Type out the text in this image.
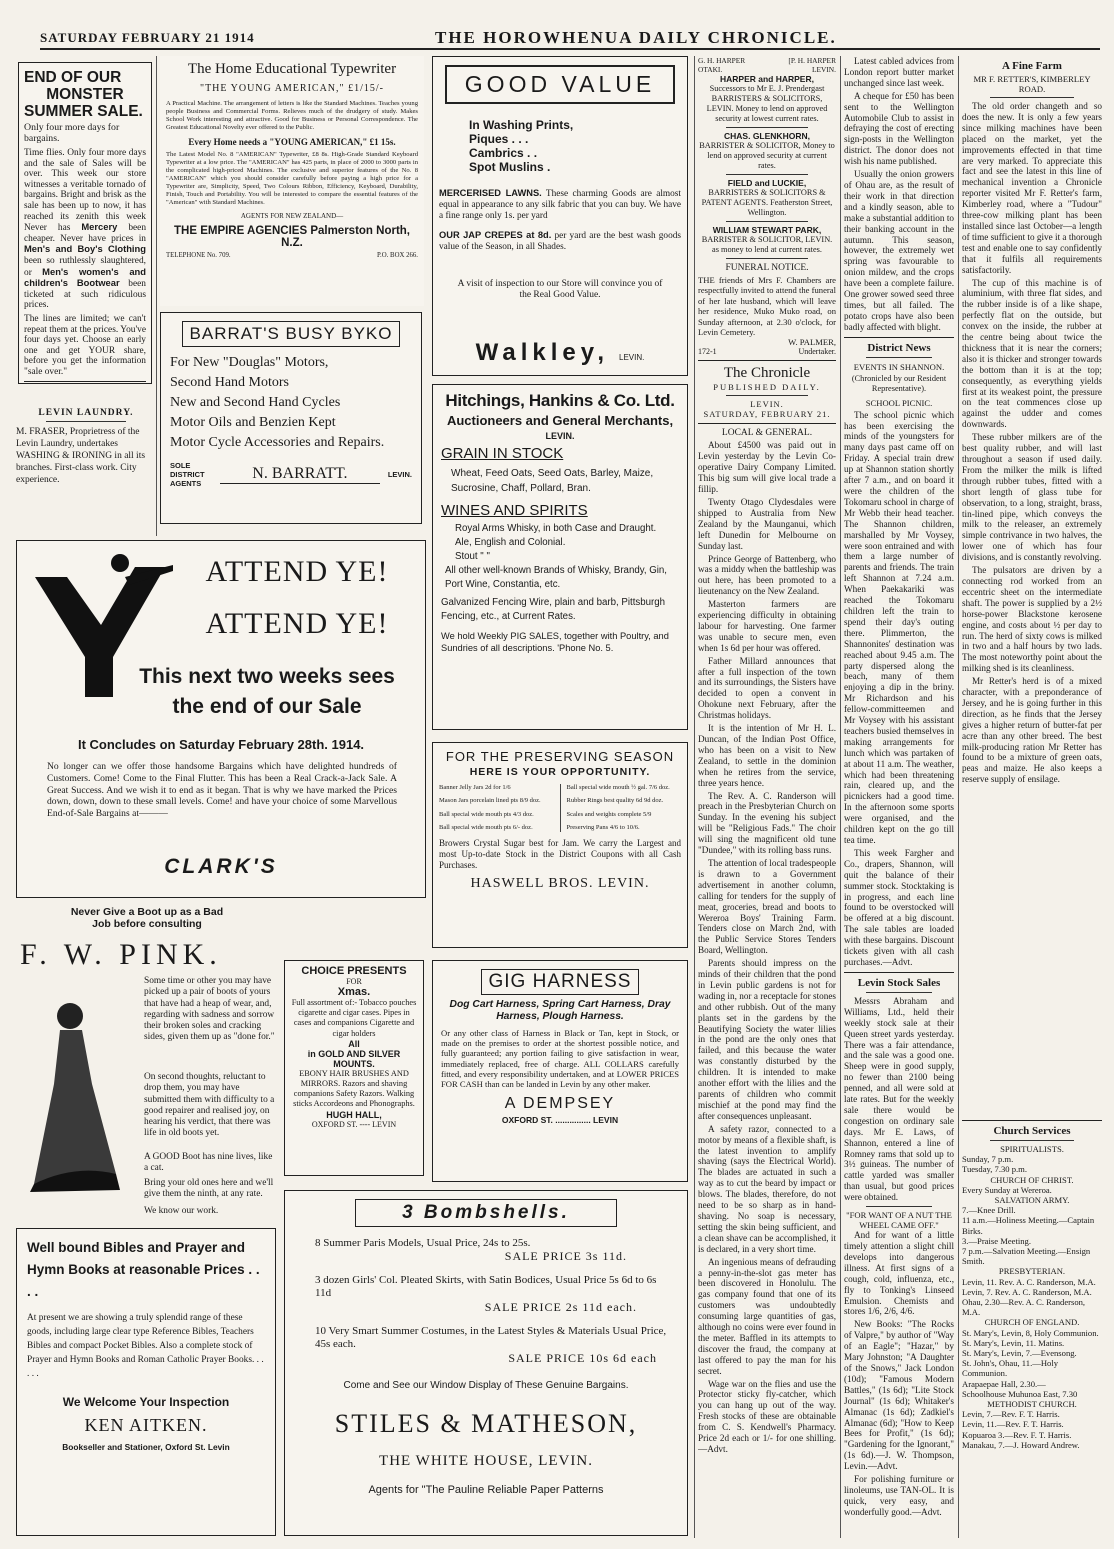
SATURDAY FEBRUARY 21 1914	THE HOROWHENUA DAILY CHRONICLE.
END OF OUR
MONSTER
SUMMER SALE.
Only four more days for bargains.
Time flies. Only four more days and the sale of Sales will be over. This week our store witnesses a veritable tornado of bargains. Bright and brisk as the sale has been up to now, it has reached its zenith this week Never has Mercery been cheaper. Never have prices in Men's and Boy's Clothing been so ruthlessly slaughtered, or Men's women's and children's Bootwear been ticketed at such ridiculous prices.
The lines are limited; we can't repeat them at the prices. You've four days yet. Choose an early one and get YOUR share, before you get the information "sale over."
LEVIN LAUNDRY.
M. FRASER, Proprietress of the Levin Laundry, undertakes WASHING & IRONING in all its branches. First-class work. City experience.
The Home Educational Typewriter
"THE YOUNG AMERICAN," £1/15/-
A Practical Machine. The arrangement of letters is like the Standard Machines. Teaches young people Business and Commercial Forms. Relieves much of the drudgery of study. Makes School Work interesting and attractive. Good for Business or Personal Correspondence. The Greatest Educational Novelty ever offered to the Public.
Every Home needs a "YOUNG AMERICAN," £1 15s.
The Latest Model No. 8 "AMERICAN" Typewriter, £8 8s. High-Grade Standard Keyboard Typewriter at a low price. The "AMERICAN" has 425 parts, in place of 2000 to 3000 parts in the complicated high-priced Machines. The exclusive and superior features of the No. 8 "AMERICAN" which you should consider carefully before paying a high price for a Typewriter are, Simplicity, Speed, Two Colours Ribbon, Efficiency, Keyboard, Durability, Finish, Touch and Portability. You will be interested to compare the essential features of the "American" with Standard Machines.
AGENTS FOR NEW ZEALAND—
THE EMPIRE AGENCIES Palmerston North, N.Z.
TELEPHONE No. 709.	P.O. BOX 266.
BARRAT'S BUSY BYKO
For New "Douglas" Motors,
Second Hand Motors
New and Second Hand Cycles
Motor Oils and Benzien Kept
Motor Cycle Accessories and Repairs.
SOLE DISTRICT AGENTS
N. BARRATT.	LEVIN.
ATTEND YE!
ATTEND YE!
This next two weeks sees
the end of our Sale
It Concludes on Saturday February 28th. 1914.
No longer can we offer those handsome Bargains which have delighted hundreds of Customers. Come! Come to the Final Flutter. This has been a Real Crack-a-Jack Sale. A Great Success. And we wish it to end as it began. That is why we have marked the Prices down, down, down to these small levels. Come! and have your choice of some Marvellous End-of-Sale Bargains at———
CLARK'S
Never Give a Boot up as a Bad
Job before consulting
F. W. PINK.
Some time or other you may have picked up a pair of boots of yours that have had a heap of wear, and, regarding with sadness and sorrow their broken soles and cracking sides, given them up as "done for."
On second thoughts, reluctant to drop them, you may have submitted them with difficulty to a good repairer and realised joy, on hearing his verdict, that there was life in old boots yet.
A GOOD Boot has nine lives, like a cat.
Bring your old ones here and we'll give them the ninth, at any rate.
We know our work.
Well bound Bibles and Prayer and Hymn Books at reasonable Prices . . . .
At present we are showing a truly splendid range of these goods, including large clear type Reference Bibles, Teachers Bibles and compact Pocket Bibles. Also a complete stock of Prayer and Hymn Books and Roman Catholic Prayer Books. . . . . .
We Welcome Your Inspection
KEN AITKEN.
Bookseller and Stationer, Oxford St. Levin
CHOICE PRESENTS
FOR
Xmas.
Full assortment of:- Tobacco pouches cigarette and cigar cases. Pipes in cases and companions Cigarette and cigar holders
All
in GOLD AND SILVER MOUNTS.
EBONY HAIR BRUSHES AND MIRRORS. Razors and shaving companions Safety Razors. Walking sticks Accordeons and Phonographs.
HUGH HALL,
OXFORD ST. ---- LEVIN
GOOD VALUE
In Washing Prints,
Piques . . .
Cambrics . .
Spot Muslins .
MERCERISED LAWNS. These charming Goods are almost equal in appearance to any silk fabric that you can buy. We have a fine range only 1s. per yard
OUR JAP CREPES at 8d. per yard are the best wash goods value of the Season, in all Shades.
A visit of inspection to our Store will convince you of the Real Good Value.
Walkley, LEVIN.
Hitchings, Hankins & Co. Ltd.
Auctioneers and General Merchants,
LEVIN.
GRAIN IN STOCK
Wheat, Feed Oats, Seed Oats, Barley, Maize, Sucrosine, Chaff, Pollard, Bran.
WINES AND SPIRITS
Royal Arms Whisky, in both Case and Draught.
Ale, English and Colonial.
Stout " "
All other well-known Brands of Whisky, Brandy, Gin, Port Wine, Constantia, etc.
Galvanized Fencing Wire, plain and barb, Pittsburgh Fencing, etc., at Current Rates.
We hold Weekly PIG SALES, together with Poultry, and Sundries of all descriptions. 'Phone No. 5.
FOR THE PRESERVING SEASON
HERE IS YOUR OPPORTUNITY.
Banner Jelly Jars 2d for 1/6
Mason Jars porcelain lined pts 8/9 doz.
Ball special wide mouth pts 4/3 doz.
Ball special wide mouth pts 6/- doz.
Ball special wide mouth ½ gal. 7/6 doz.
Rubber Rings best quality 6d 9d doz.
Scales and weights complete 5/9
Preserving Pans 4/6 to 10/6.
Browers Crystal Sugar best for Jam. We carry the Largest and most Up-to-date Stock in the District Coupons with all Cash Purchases.
HASWELL BROS. LEVIN.
GIG HARNESS
Dog Cart Harness, Spring Cart Harness, Dray Harness, Plough Harness.
Or any other class of Harness in Black or Tan, kept in Stock, or made on the premises to order at the shortest possible notice, and fully guaranteed; any portion failing to give satisfaction in wear, immediately replaced, free of charge. ALL COLLARS carefully fitted, and every responsibility undertaken, and at LOWER PRICES FOR CASH than can be landed in Levin by any other maker.
A DEMPSEY
OXFORD ST. ............... LEVIN
3 Bombshells.
8 Summer Paris Models, Usual Price, 24s to 25s.
SALE PRICE 3s 11d.
3 dozen Girls' Col. Pleated Skirts, with Satin Bodices, Usual Price 5s 6d to 6s 11d
SALE PRICE 2s 11d each.
10 Very Smart Summer Costumes, in the Latest Styles & Materials Usual Price, 45s each.
SALE PRICE 10s 6d each
Come and See our Window Display of These Genuine Bargains.
STILES & MATHESON,
THE WHITE HOUSE, LEVIN.
Agents for "The Pauline Reliable Paper Patterns
G. H. HARPER	[P. H. HARPER
OTAKI.	LEVIN.
HARPER and HARPER,
Successors to Mr E. J. Prendergast BARRISTERS & SOLICITORS, LEVIN. Money to lend on approved security at lowest current rates.
CHAS. GLENKHORN,
BARRISTER & SOLICITOR, Money to lend on approved security at current rates.
FIELD and LUCKIE,
BARRISTERS & SOLICITORS & PATENT AGENTS. Featherston Street, Wellington.
WILLIAM STEWART PARK,
BARRISTER & SOLICITOR, LEVIN. as money to lend at current rates.
FUNERAL NOTICE.
THE friends of Mrs F. Chambers are respectfully invited to attend the funeral of her late husband, which will leave her residence, Muko Muko road, on Sunday afternoon, at 2.30 o'clock, for Levin Cemetery.
W. PALMER,
172-1	Undertaker.
The Chronicle
PUBLISHED DAILY.
LEVIN.
SATURDAY, FEBRUARY 21.
LOCAL & GENERAL.

About £4500 was paid out in Levin yesterday by the Levin Co-operative Dairy Company Limited. This big sum will give local trade a fillip.

Twenty Otago Clydesdales were shipped to Australia from New Zealand by the Maunganui, which left Dunedin for Melbourne on Sunday last.

Prince George of Battenberg, who was a middy when the battleship was out here, has been promoted to a lieutenancy on the New Zealand.

Masterton farmers are experiencing difficulty in obtaining labour for harvesting. One farmer was unable to secure men, even when 1s 6d per hour was offered.

Father Millard announces that after a full inspection of the town and its surroundings, the Sisters have decided to open a convent in Ohokune next February, after the Christmas holidays.

It is the intention of Mr H. L. Duncan, of the Indian Post Office, who has been on a visit to New Zealand, to settle in the dominion when he retires from the service, three years hence.

The Rev. A. C. Randerson will preach in the Presbyterian Church on Sunday. In the evening his subject will be "Religious Fads." The choir will sing the magnificent old tune "Dundee," with its rolling bass runs.

The attention of local tradespeople is drawn to a Government advertisement in another column, calling for tenders for the supply of meat, groceries, bread and boots to Wereroa Boys' Training Farm. Tenders close on March 2nd, with the Public Service Stores Tenders Board, Wellington.

Parents should impress on the minds of their children that the pond in Levin public gardens is not for wading in, nor a receptacle for stones and other rubbish. Out of the many plants set in the gardens by the Beautifying Society the water lilies in the pond are the only ones that failed, and this because the water was constantly disturbed by the children. It is intended to make another effort with the lilies and the parents of children who commit mischief at the pond may find the after consequences unpleasant.

A safety razor, connected to a motor by means of a flexible shaft, is the latest invention to amplify shaving (says the Electrical World). The blades are actuated in such a way as to cut the beard by impact or blows. The blades, therefore, do not need to be so sharp as in hand-shaving. No soap is necessary, setting the skin being sufficient, and a clean shave can be accomplished, it is declared, in a very short time.

An ingenious means of defrauding a penny-in-the-slot gas meter has been discovered in Honolulu. The gas company found that one of its customers was undoubtedly consuming large quantities of gas, although no coins were ever found in the meter. Baffled in its attempts to discover the fraud, the company at last offered to pay the man for his secret.

Wage war on the flies and use the Protector sticky fly-catcher, which you can hang up out of the way. Fresh stocks of these are obtainable from C. S. Kendwell's Pharmacy. Price 2d each or 1/- for one shilling.—Advt.

Latest cabled advices from London report butter market unchanged since last week.

A cheque for £50 has been sent to the Wellington Automobile Club to assist in defraying the cost of erecting sign-posts in the Wellington district. The donor does not wish his name published.

Usually the onion growers of Ohau are, as the result of their work in that direction and a kindly season, able to make a substantial addition to their banking account in the autumn. This season, however, the extremely wet spring was favourable to onion mildew, and the crops have been a complete failure. One grower sowed seed three times, but all failed. The potato crops have also been badly affected with blight.

District News
EVENTS IN SHANNON.
(Chronicled by our Resident Representative).
SCHOOL PICNIC.

The school picnic which has been exercising the minds of the youngsters for many days past came off on Friday. A special train drew up at Shannon station shortly after 7 a.m., and on board it were the children of the Tokomaru school in charge of Mr Webb their head teacher. The Shannon children, marshalled by Mr Voysey, were soon entrained and with them a large number of parents and friends. The train left Shannon at 7.24 a.m. When Paekakariki was reached the Tokomaru children left the train to spend their day's outing there. Plimmerton, the Shannonites' destination was reached about 9.45 a.m. The party dispersed along the beach, many of them enjoying a dip in the briny. Mr Richardson and his fellow-committeemen and Mr Voysey with his assistant teachers busied themselves in making arrangements for lunch which was partaken of at about 11 a.m. The weather, which had been threatening rain, cleared up, and the picnickers had a good time. In the afternoon some sports were organised, and the children kept on the go till tea time.

This week Fargher and Co., drapers, Shannon, will quit the balance of their summer stock. Stocktaking is in progress, and each line found to be overstocked will be offered at a big discount. The sale tables are loaded with these bargains. Discount tickets given with all cash purchases.—Advt.

Levin Stock Sales

Messrs Abraham and Williams, Ltd., held their weekly stock sale at their Queen street yards yesterday. There was a fair attendance, and the sale was a good one. Sheep were in good supply, no fewer than 2100 being penned, and all were sold at late rates. But for the weekly sale there would be congestion on ordinary sale days. Mr E. Laws, of Shannon, entered a line of Romney rams that sold up to 3½ guineas. The number of cattle yarded was smaller than usual, but good prices were obtained.

"FOR WANT OF A NUT THE WHEEL CAME OFF."

And for want of a little timely attention a slight chill develops into dangerous illness. At first signs of a cough, cold, influenza, etc., fly to Tonking's Linseed Emulsion. Chemists and stores 1/6, 2/6, 4/6.

New Books: "The Rocks of Valpre," by author of "Way of an Eagle"; "Hazar," by Mary Johnston; "A Daughter of the Snows," Jack London (10d); "Famous Modern Battles," (1s 6d); "Lite Stock Journal" (1s 6d); Whitaker's Almanac (1s 6d); Zadkiel's Almanac (6d); "How to Keep Bees for Profit," (1s 6d); "Gardening for the Ignorant," (1s 6d).—J. W. Thompson, Levin.—Advt.

For polishing furniture or linoleums, use TAN-OL. It is quick, very easy, and wonderfully good.—Advt.

A Fine Farm
MR F. RETTER'S, KIMBERLEY ROAD.

The old order changeth and so does the new. It is only a few years since milking machines have been placed on the market, yet the improvements effected in that time are very marked. To appreciate this fact and see the latest in this line of mechanical invention a Chronicle reporter visited Mr F. Retter's farm, Kimberley road, where a "Tudour" three-cow milking plant has been installed since last October—a length of time sufficient to give it a thorough test and enable one to say confidently that it fulfils all requirements satisfactorily.

The cup of this machine is of aluminium, with three flat sides, and the rubber inside is of a like shape, perfectly flat on the outside, but convex on the inside, the rubber at the centre being about twice the thickness that it is near the corners; also it is thicker and stronger towards the bottom than it is at the top; consequently, as everything yields first at its weakest point, the pressure on the teat commences close up against the udder and comes downwards.

These rubber milkers are of the best quality rubber, and will last throughout a season if used daily. From the milker the milk is lifted through rubber tubes, fitted with a short length of glass tube for observation, to a long, straight, brass, tin-lined pipe, which conveys the milk to the releaser, an extremely simple contrivance in two halves, the lower one of which has four divisions, and is constantly revolving.

The pulsators are driven by a connecting rod worked from an eccentric sheet on the intermediate shaft. The power is supplied by a 2½ horse-power Blackstone kerosene engine, and costs about ½ per day to run. The herd of sixty cows is milked in two and a half hours by two lads. The most noteworthy point about the milking shed is its cleanliness.

Mr Retter's herd is of a mixed character, with a preponderance of Jersey, and he is going further in this direction, as he finds that the Jersey gives a higher return of butter-fat per acre than any other breed. The best milk-producing ration Mr Retter has found to be a mixture of green oats, peas and maize. He also keeps a reserve supply of ensilage.

Church Services
SPIRITUALISTS.
Sunday, 7 p.m.
Tuesday, 7.30 p.m.
CHURCH OF CHRIST.
Every Sunday at Wereroa.
SALVATION ARMY.
7.—Knee Drill.
11 a.m.—Holiness Meeting.—Captain Birks.
3.—Praise Meeting.
7 p.m.—Salvation Meeting.—Ensign Smith.
PRESBYTERIAN.
Levin, 11. Rev. A. C. Randerson, M.A.
Levin, 7. Rev. A. C. Randerson, M.A.
Ohau, 2.30—Rev. A. C. Randerson, M.A.
CHURCH OF ENGLAND.
St. Mary's, Levin, 8, Holy Communion.
St. Mary's, Levin, 11. Matins.
St. Mary's, Levin, 7.—Evensong.
St. John's, Ohau, 11.—Holy Communion.
Arapaepae Hall, 2.30.—
Schoolhouse Muhunoa East, 7.30
METHODIST CHURCH.
Levin, 7.—Rev. F. T. Harris.
Levin, 11.—Rev. F. T. Harris.
Kopuaroa 3.—Rev. F. T. Harris.
Manakau, 7.—J. Howard Andrew.
